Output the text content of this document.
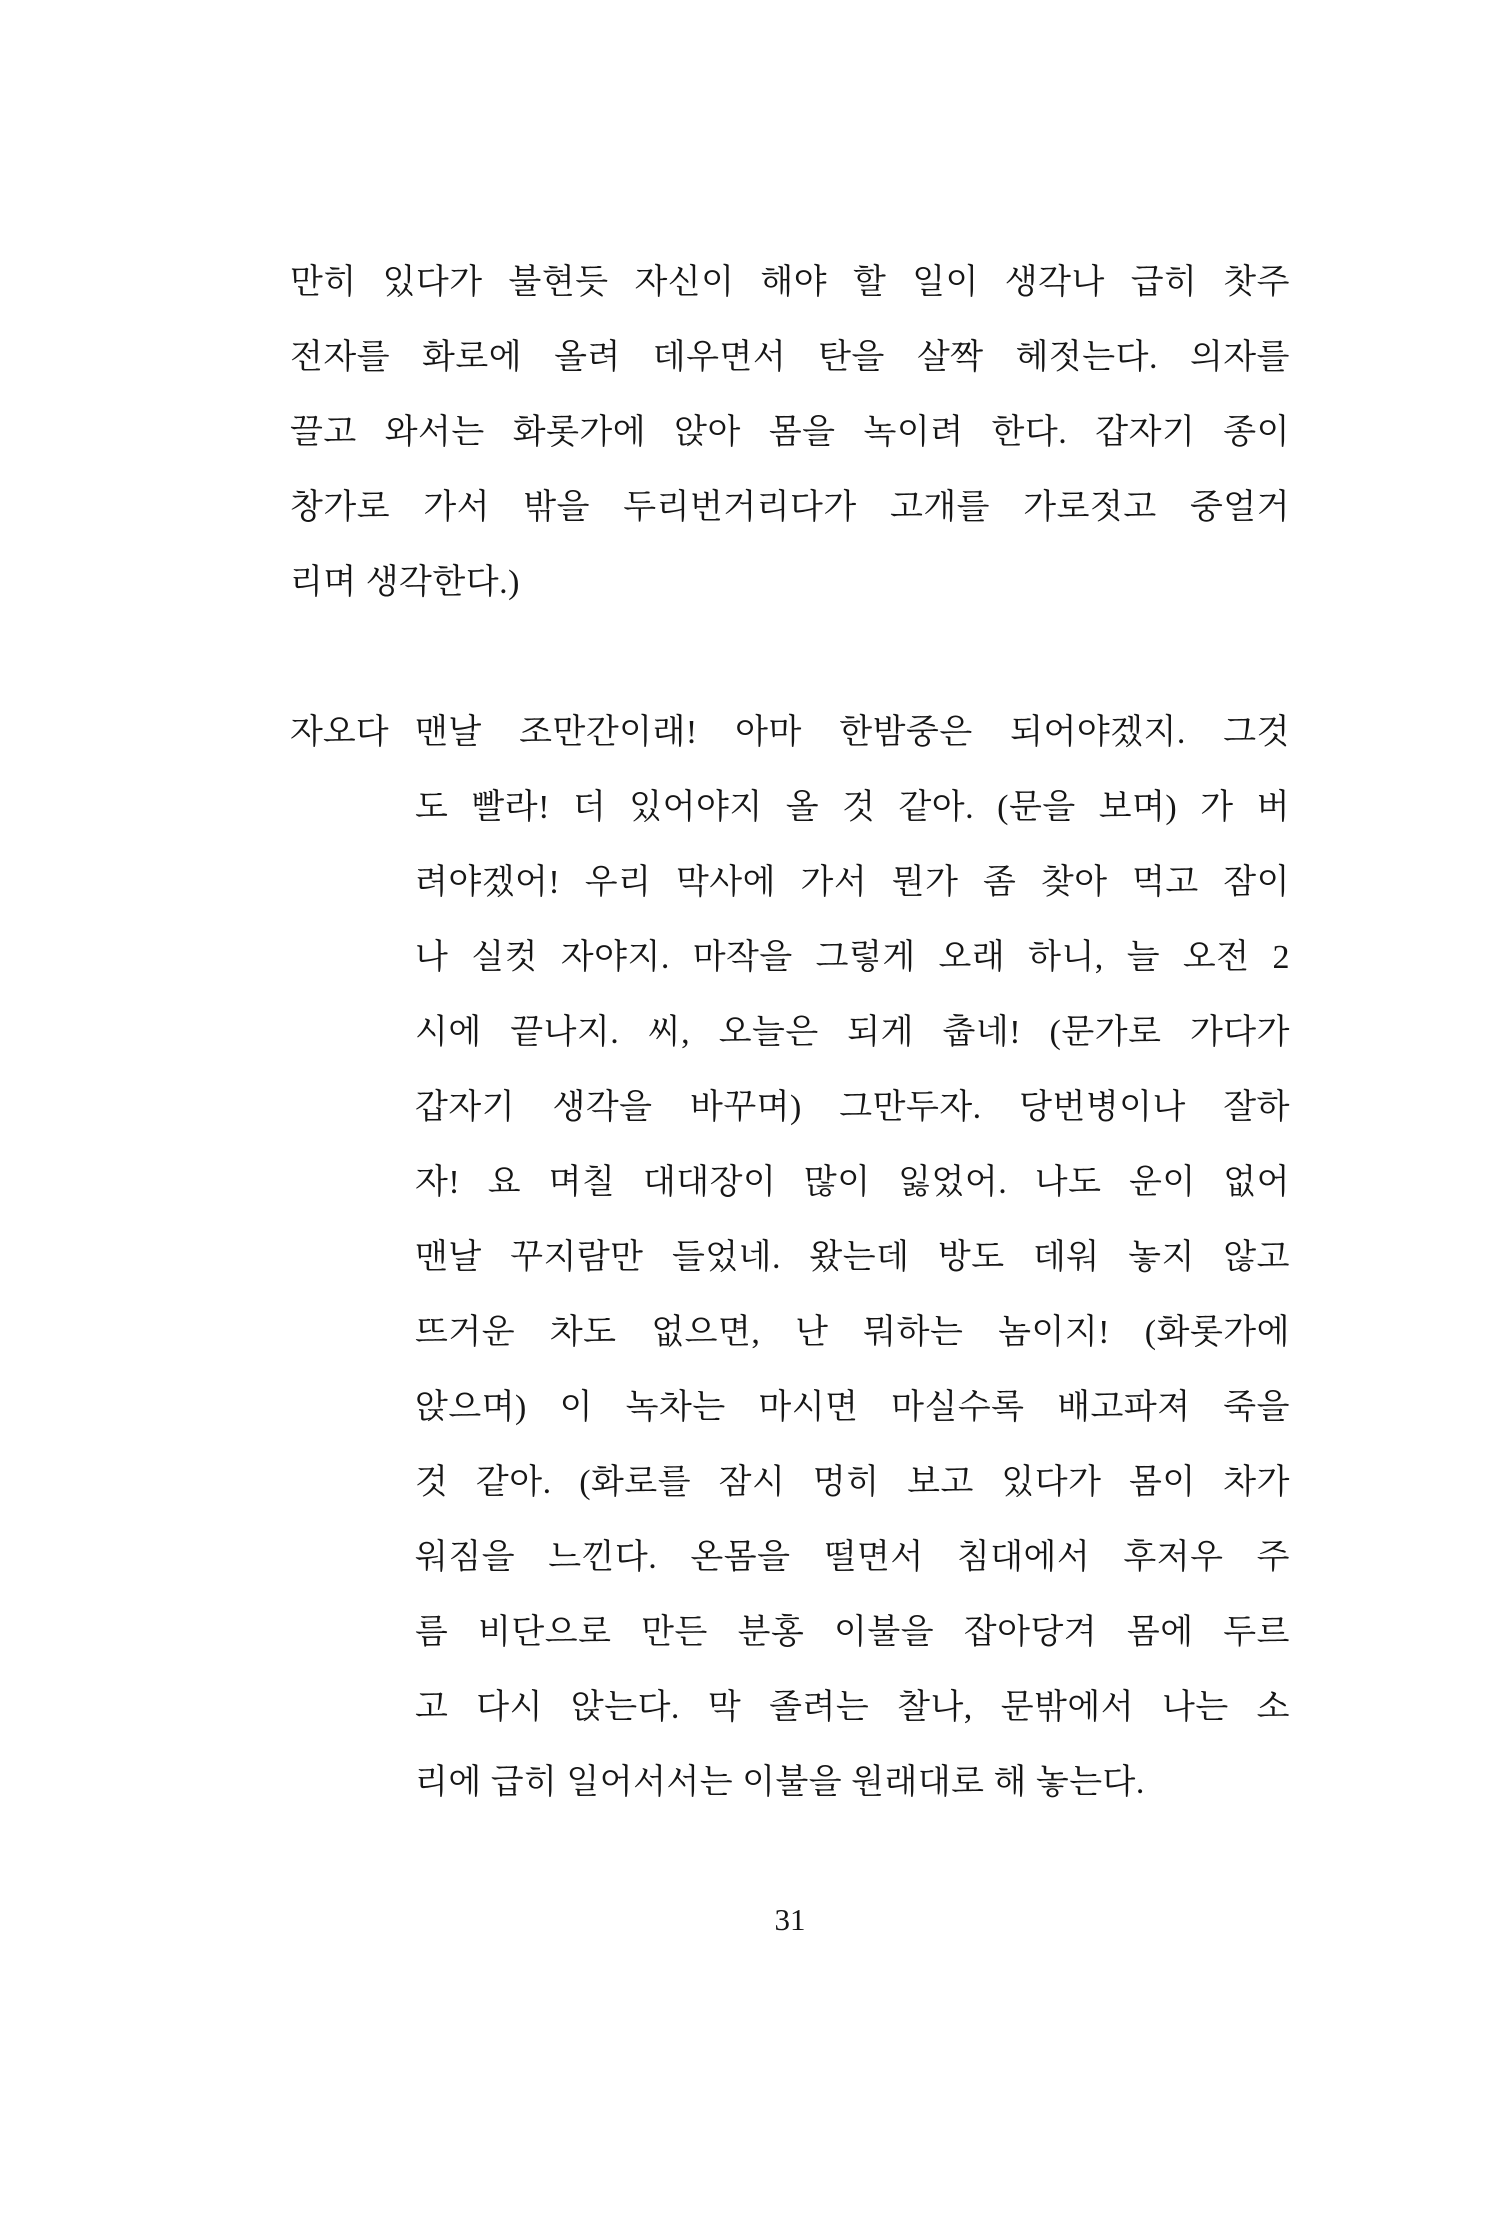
만히 있다가 불현듯 자신이 해야 할 일이 생각나 급히 찻주
전자를 화로에 올려 데우면서 탄을 살짝 헤젓는다. 의자를
끌고 와서는 화롯가에 앉아 몸을 녹이려 한다. 갑자기 종이
창가로 가서 밖을 두리번거리다가 고개를 가로젓고 중얼거
리며 생각한다.)
자오다 맨날 조만간이래! 아마 한밤중은 되어야겠지. 그것
도 빨라! 더 있어야지 올 것 같아. (문을 보며) 가 버
려야겠어! 우리 막사에 가서 뭔가 좀 찾아 먹고 잠이
나 실컷 자야지. 마작을 그렇게 오래 하니, 늘 오전 2
시에 끝나지. 씨, 오늘은 되게 춥네! (문가로 가다가
갑자기 생각을 바꾸며) 그만두자. 당번병이나 잘하
자! 요 며칠 대대장이 많이 잃었어. 나도 운이 없어
맨날 꾸지람만 들었네. 왔는데 방도 데워 놓지 않고
뜨거운 차도 없으면, 난 뭐하는 놈이지! (화롯가에
앉으며) 이 녹차는 마시면 마실수록 배고파져 죽을
것 같아. (화로를 잠시 멍히 보고 있다가 몸이 차가
워짐을 느낀다. 온몸을 떨면서 침대에서 후저우 주
름 비단으로 만든 분홍 이불을 잡아당겨 몸에 두르
고 다시 앉는다. 막 졸려는 찰나, 문밖에서 나는 소
리에 급히 일어서서는 이불을 원래대로 해 놓는다.
31
